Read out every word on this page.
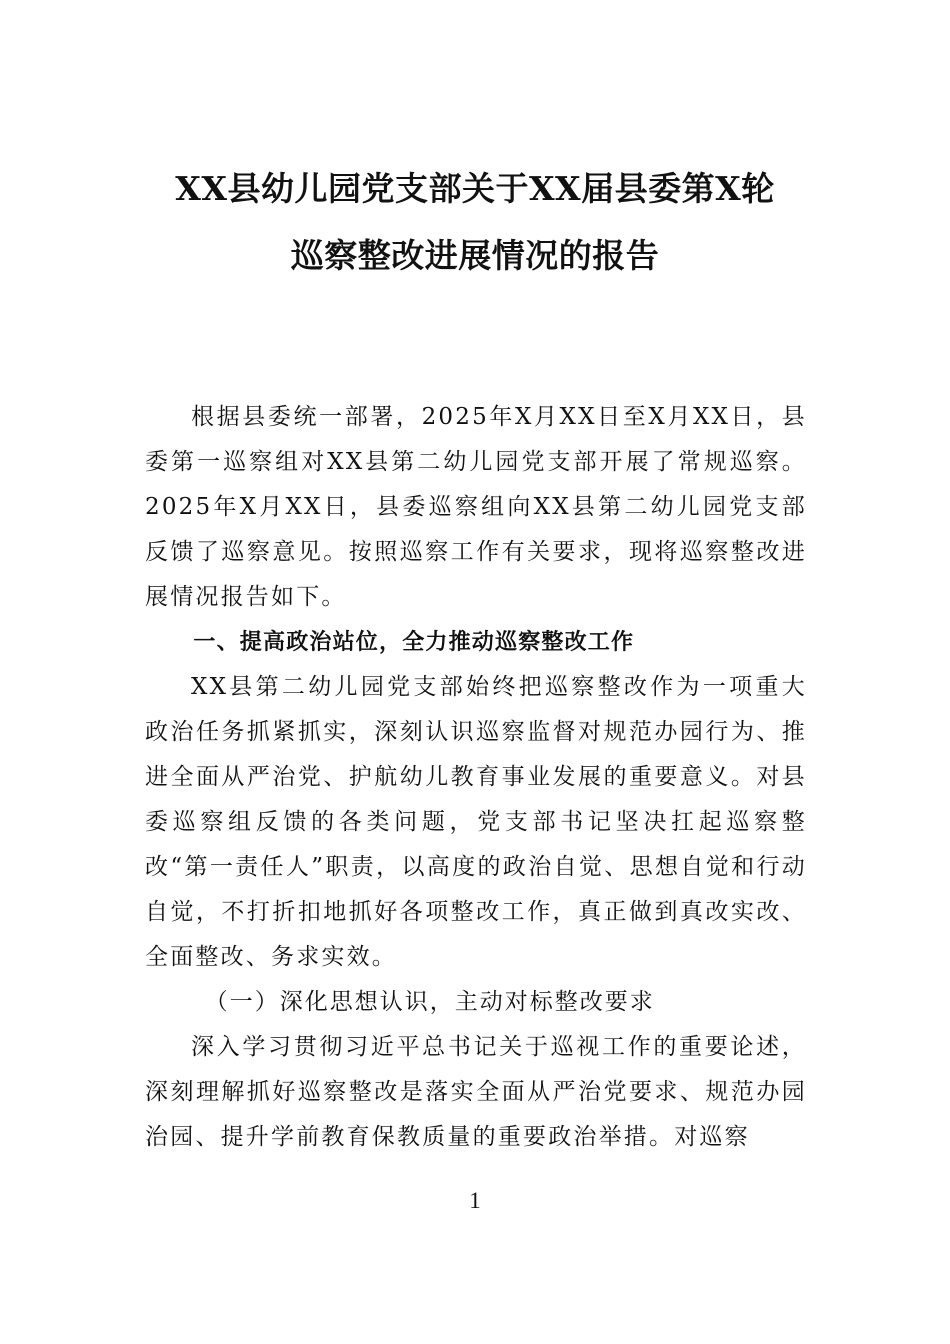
XX县幼儿园党支部关于XX届县委第X轮

巡察整改进展情况的报告

根据县委统一部署，2025年X月XX日至X月XX日，县委第一巡察组对XX县第二幼儿园党支部开展了常规巡察。2025年X月XX日，县委巡察组向XX县第二幼儿园党支部反馈了巡察意见。按照巡察工作有关要求，现将巡察整改进展情况报告如下。

一、提高政治站位，全力推动巡察整改工作

XX县第二幼儿园党支部始终把巡察整改作为一项重大政治任务抓紧抓实，深刻认识巡察监督对规范办园行为、推进全面从严治党、护航幼儿教育事业发展的重要意义。对县委巡察组反馈的各类问题，党支部书记坚决扛起巡察整改“第一责任人”职责，以高度的政治自觉、思想自觉和行动自觉，不打折扣地抓好各项整改工作，真正做到真改实改、全面整改、务求实效。

（一）深化思想认识，主动对标整改要求

深入学习贯彻习近平总书记关于巡视工作的重要论述，深刻理解抓好巡察整改是落实全面从严治党要求、规范办园治园、提升学前教育保教质量的重要政治举措。对巡察

1
